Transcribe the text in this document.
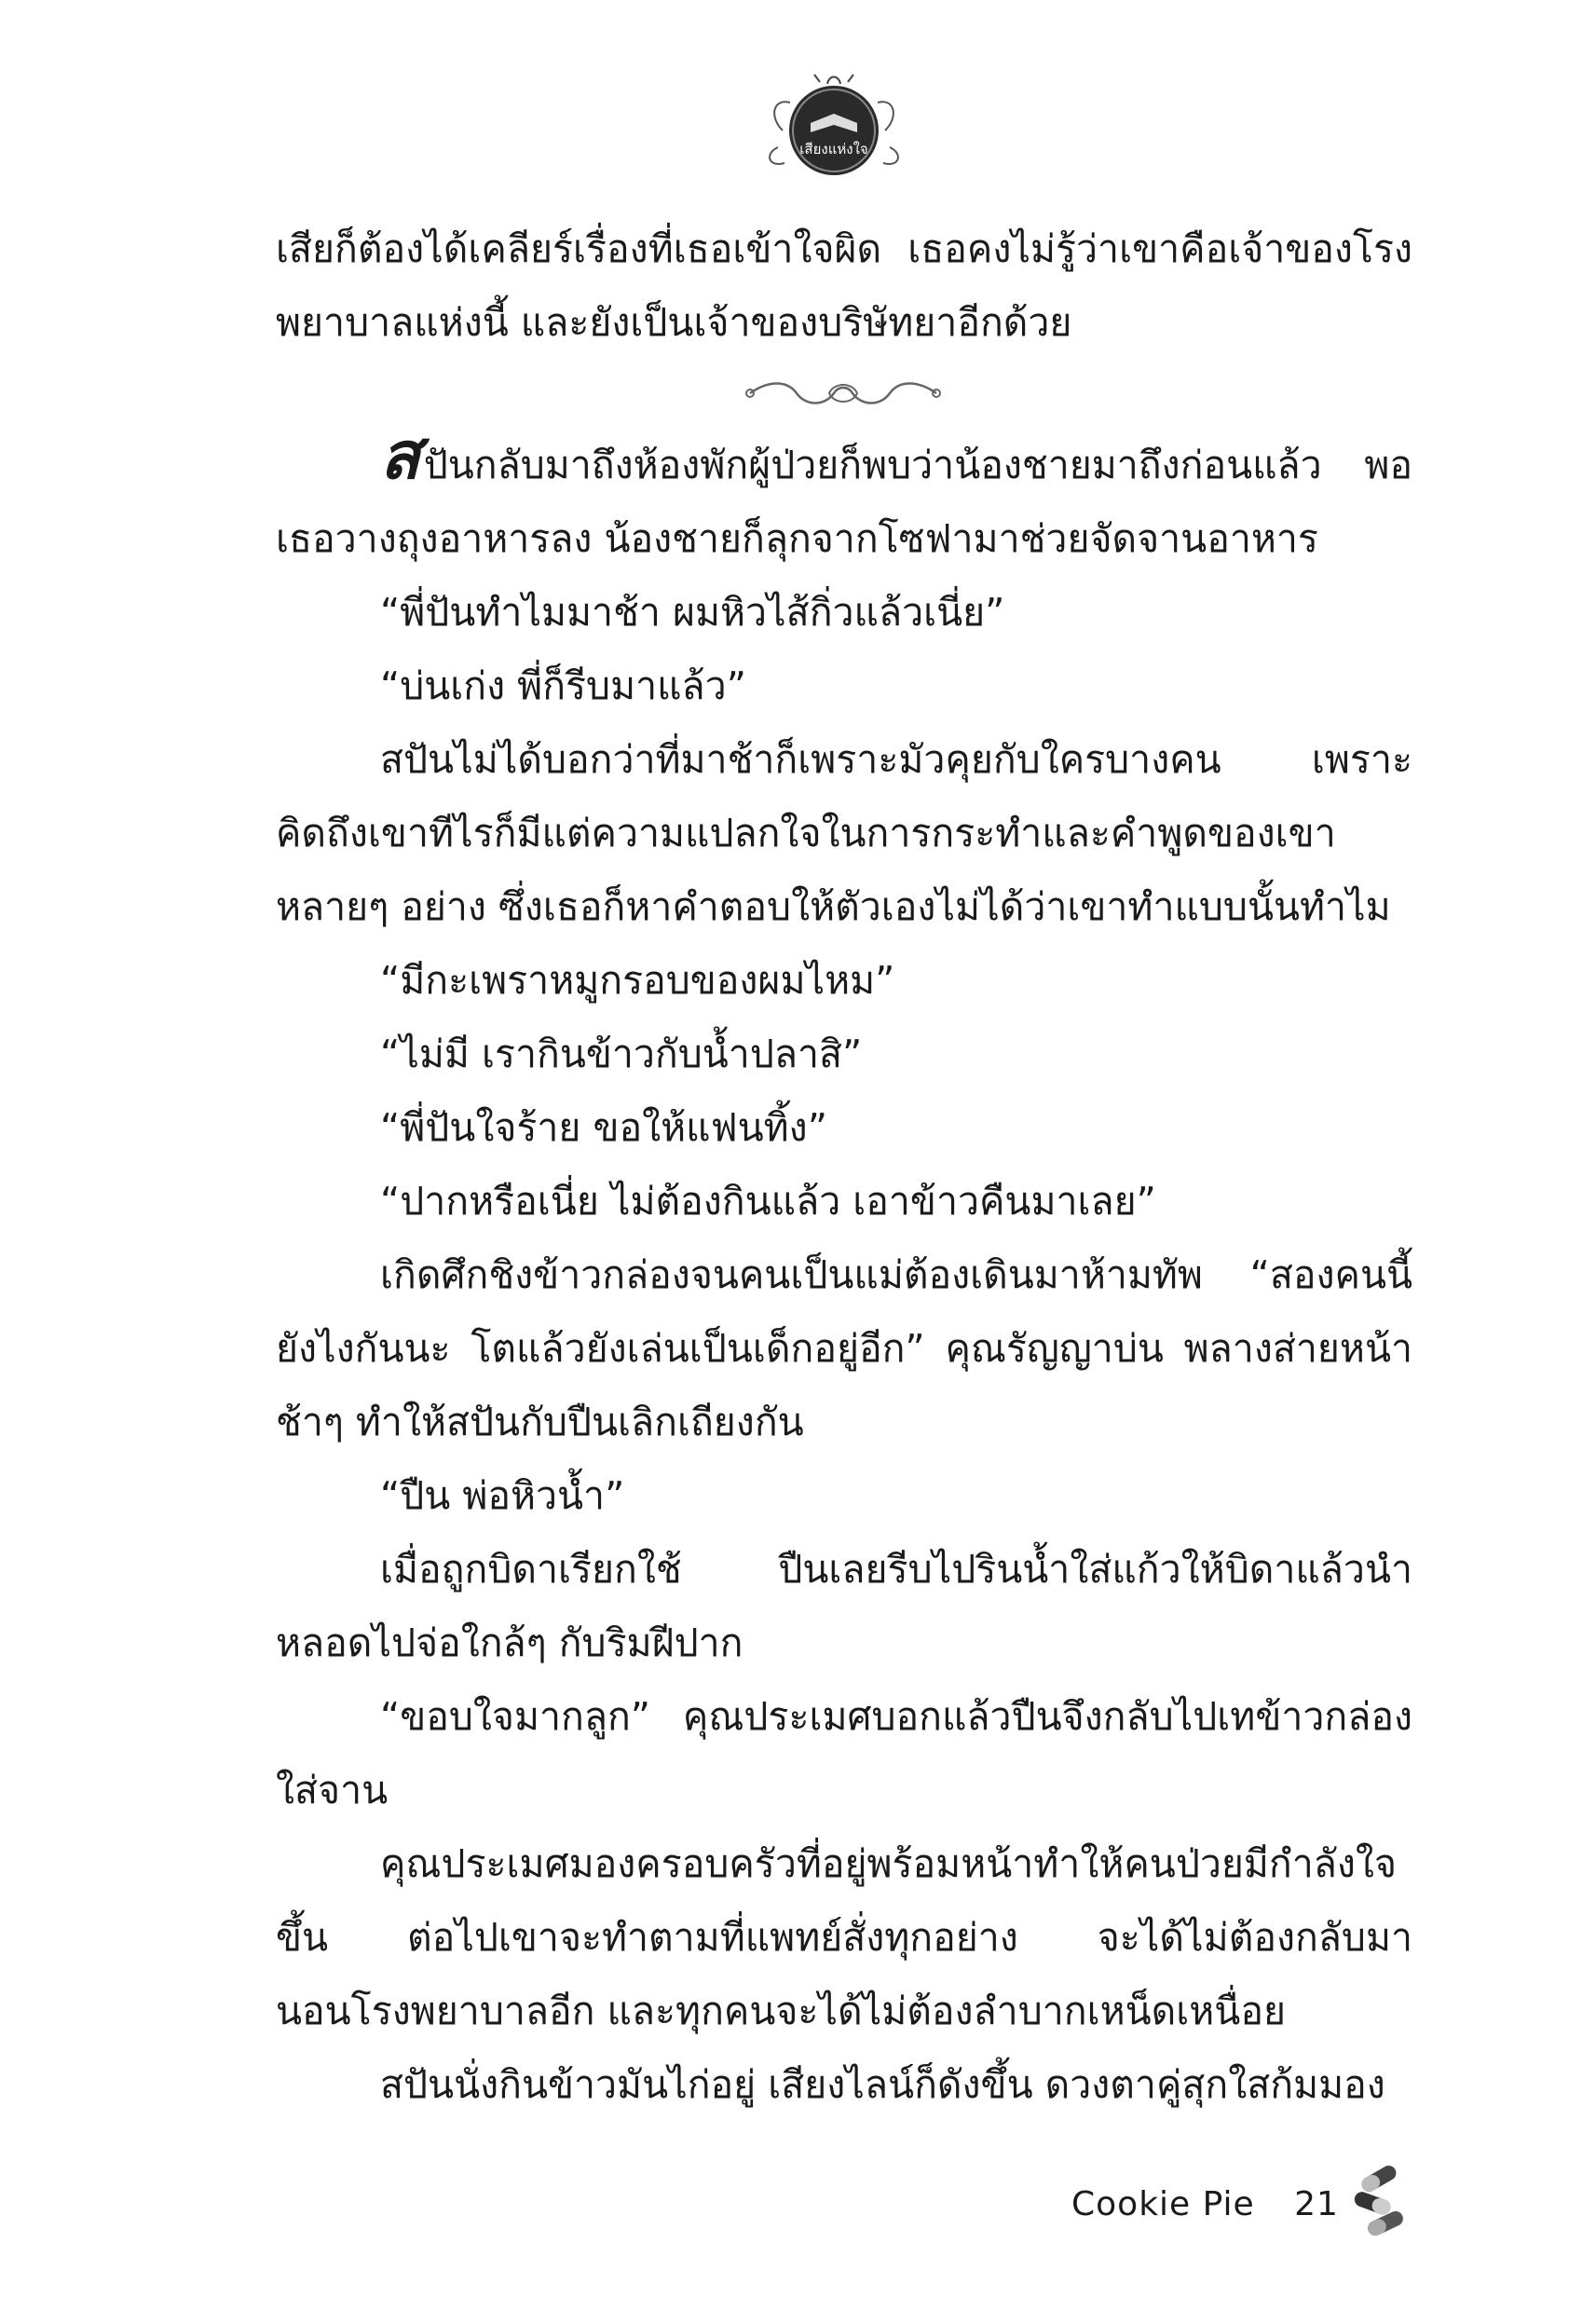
เสียงแห่งใจ

เสียก็ต้องได้เคลียร์เรื่องที่เธอเข้าใจผิด เธอคงไม่รู้ว่าเขาคือเจ้าของโรงพยาบาลแห่งนี้ และยังเป็นเจ้าของบริษัทยาอีกด้วย

สปันกลับมาถึงห้องพักผู้ป่วยก็พบว่าน้องชายมาถึงก่อนแล้ว พอเธอวางถุงอาหารลง น้องชายก็ลุกจากโซฟามาช่วยจัดจานอาหาร

“พี่ปันทำไมมาช้า ผมหิวไส้กิ่วแล้วเนี่ย”

“บ่นเก่ง พี่ก็รีบมาแล้ว”

สปันไม่ได้บอกว่าที่มาช้าก็เพราะมัวคุยกับใครบางคน เพราะคิดถึงเขาทีไรก็มีแต่ความแปลกใจในการกระทำและคำพูดของเขาหลายๆ อย่าง ซึ่งเธอก็หาคำตอบให้ตัวเองไม่ได้ว่าเขาทำแบบนั้นทำไม

“มีกะเพราหมูกรอบของผมไหม”

“ไม่มี เรากินข้าวกับน้ำปลาสิ”

“พี่ปันใจร้าย ขอให้แฟนทิ้ง”

“ปากหรือเนี่ย ไม่ต้องกินแล้ว เอาข้าวคืนมาเลย”

เกิดศึกชิงข้าวกล่องจนคนเป็นแม่ต้องเดินมาห้ามทัพ “สองคนนี้ยังไงกันนะ โตแล้วยังเล่นเป็นเด็กอยู่อีก” คุณรัญญาบ่น พลางส่ายหน้าช้าๆ ทำให้สปันกับปืนเลิกเถียงกัน

“ปืน พ่อหิวน้ำ”

เมื่อถูกบิดาเรียกใช้ ปืนเลยรีบไปรินน้ำใส่แก้วให้บิดาแล้วนำหลอดไปจ่อใกล้ๆ กับริมฝีปาก

“ขอบใจมากลูก” คุณประเมศบอกแล้วปืนจึงกลับไปเทข้าวกล่องใส่จาน

คุณประเมศมองครอบครัวที่อยู่พร้อมหน้าทำให้คนป่วยมีกำลังใจขึ้น ต่อไปเขาจะทำตามที่แพทย์สั่งทุกอย่าง จะได้ไม่ต้องกลับมานอนโรงพยาบาลอีก และทุกคนจะได้ไม่ต้องลำบากเหน็ดเหนื่อย

สปันนั่งกินข้าวมันไก่อยู่ เสียงไลน์ก็ดังขึ้น ดวงตาคู่สุกใสก้มมอง

Cookie Pie 21
